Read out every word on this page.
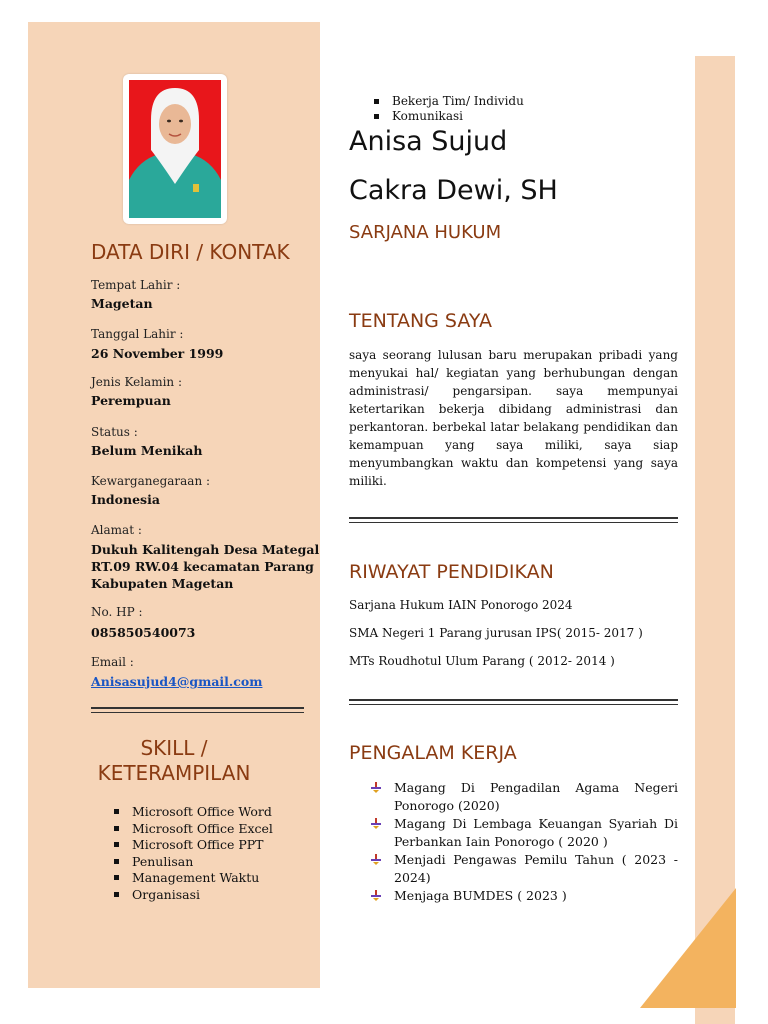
DATA DIRI / KONTAK
Tempat Lahir :
Magetan
Tanggal Lahir :
26 November 1999
Jenis Kelamin :
Perempuan
Status :
Belum Menikah
Kewarganegaraan :
Indonesia
Alamat :
Dukuh Kalitengah Desa Mategal
RT.09 RW.04 kecamatan Parang
Kabupaten Magetan
No. HP :
085850540073
Email :
Anisasujud4@gmail.com
SKILL /
KETERAMPILAN
Microsoft Office Word
Microsoft Office Excel
Microsoft Office PPT
Penulisan
Management Waktu
Organisasi
Bekerja Tim/ Individu
Komunikasi
Anisa Sujud
Cakra Dewi, SH
SARJANA HUKUM
TENTANG SAYA
saya seorang lulusan baru merupakan pribadi yang menyukai hal/ kegiatan yang berhubungan dengan administrasi/ pengarsipan. saya mempunyai ketertarikan bekerja dibidang administrasi dan perkantoran. berbekal latar belakang pendidikan dan kemampuan yang saya miliki, saya siap menyumbangkan waktu dan kompetensi yang saya miliki.
RIWAYAT PENDIDIKAN
Sarjana Hukum IAIN Ponorogo 2024
SMA Negeri 1 Parang jurusan IPS( 2015- 2017 )
MTs Roudhotul Ulum Parang ( 2012- 2014 )
PENGALAM KERJA
Magang Di Pengadilan Agama Negeri Ponorogo (2020)
Magang Di Lembaga Keuangan Syariah Di Perbankan Iain Ponorogo ( 2020 )
Menjadi Pengawas Pemilu Tahun ( 2023 - 2024)
Menjaga BUMDES ( 2023 )
